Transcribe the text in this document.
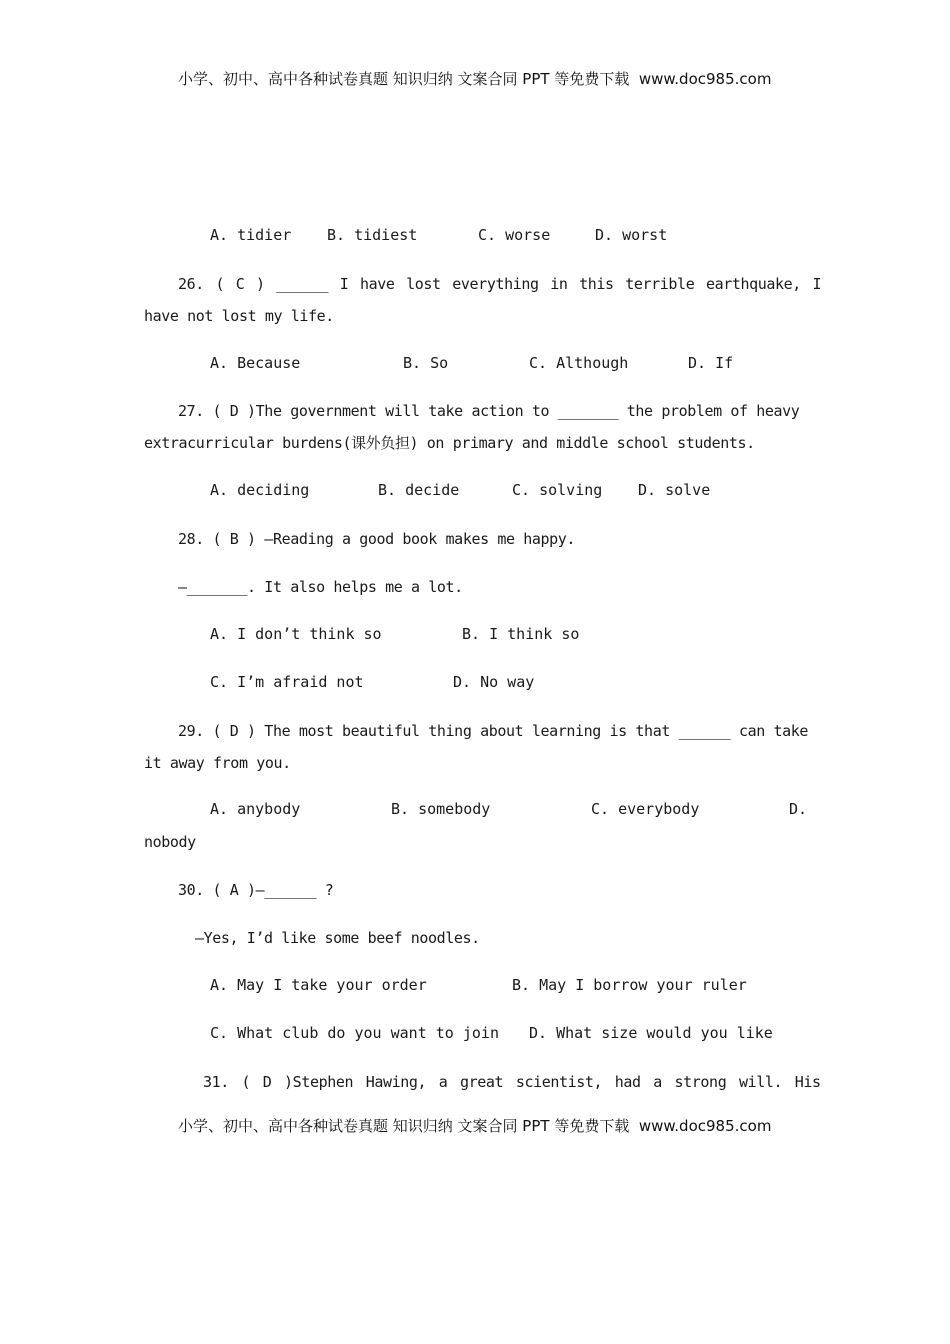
小学、初中、高中各种试卷真题 知识归纳 文案合同 PPT 等免费下载  www.doc985.com
A. tidier B. tidiest	C. worse	D. worst
26. ( C ) ______ I have lost everything in this terrible earthquake, I
have not lost my life.
A. Because	B. So	C. Although	D. If
27. ( D )The government will take action to _______ the problem of heavy
extracurricular burdens(课外负担) on primary and middle school students.
A. deciding	B. decide	C. solving D. solve
28. ( B ) —Reading a good book makes me happy.
—_______. It also helps me a lot.
A. I don’t think so	B. I think so
C. I’m afraid not	D. No way
29. ( D ) The most beautiful thing about learning is that ______ can take
it away from you.
A. anybody	B. somebody	C. everybody	D.
nobody
30. ( A )—______ ?
—Yes, I’d like some beef noodles.
A. May I take your order	B. May I borrow your ruler
C. What club do you want to join D. What size would you like
31. ( D )Stephen Hawing, a great scientist, had a strong will. His
小学、初中、高中各种试卷真题 知识归纳 文案合同 PPT 等免费下载  www.doc985.com
